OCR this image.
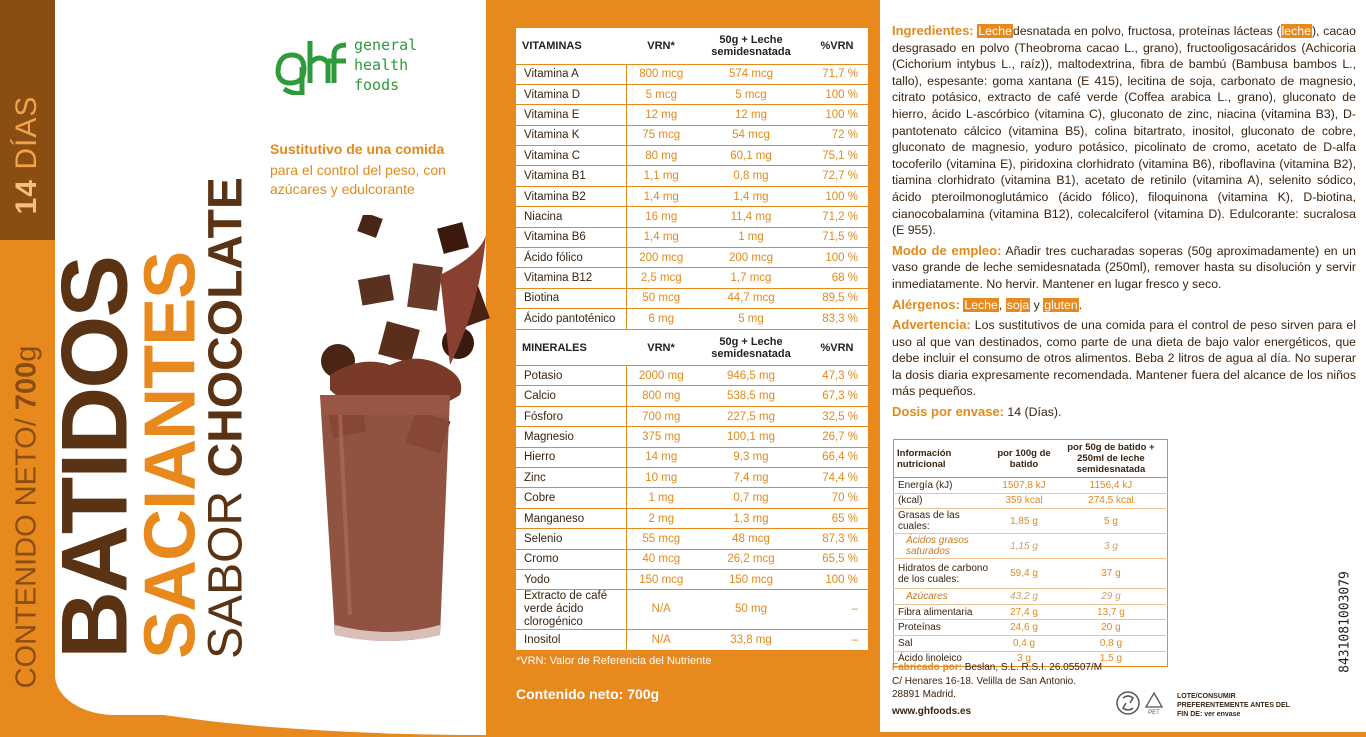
14 DÍAS
CONTENIDO NETO/ 700g
general
health
foods
Sustitutivo de una comida
para el control del peso, con azúcares y edulcorante
BATIDOS
SACIANTES
SABOR CHOCOLATE
VITAMINAS	VRN*	50g + Leche semidesnatada	%VRN
Vitamina A	800 mcg	574 mcg	71,7 %
Vitamina D	5 mcg	5 mcg	100 %
Vitamina E	12 mg	12 mg	100 %
Vitamina K	75 mcg	54 mcg	72 %
Vitamina C	80 mg	60,1 mg	75,1 %
Vitamina B1	1,1 mg	0,8 mg	72,7 %
Vitamina B2	1,4 mg	1,4 mg	100 %
Niacina	16 mg	11,4 mg	71,2 %
Vitamina B6	1,4 mg	1 mg	71,5 %
Ácido fólico	200 mcg	200 mcg	100 %
Vitamina B12	2,5 mcg	1,7 mcg	68 %
Biotina	50 mcg	44,7 mcg	89,5 %
Ácido pantoténico	6 mg	5 mg	83,3 %
MINERALES	VRN*	50g + Leche semidesnatada	%VRN
Potasio	2000 mg	946,5 mg	47,3 %
Calcio	800 mg	538,5 mg	67,3 %
Fósforo	700 mg	227,5 mg	32,5 %
Magnesio	375 mg	100,1 mg	26,7 %
Hierro	14 mg	9,3 mg	66,4 %
Zinc	10 mg	7,4 mg	74,4 %
Cobre	1 mg	0,7 mg	70 %
Manganeso	2 mg	1,3 mg	65 %
Selenio	55 mcg	48 mcg	87,3 %
Cromo	40 mcg	26,2 mcg	65,5 %
Yodo	150 mcg	150 mcg	100 %
Extracto de café verde ácido clorogénico	N/A	50 mg	–
Inositol	N/A	33,8 mg	–
*VRN: Valor de Referencia del Nutriente
Contenido neto: 700g

Ingredientes: Lechedesnatada en polvo, fructosa, proteínas lácteas (leche), cacao desgrasado en polvo (Theobroma cacao L., grano), fructooligosacáridos (Achicoria (Cichorium intybus L., raíz)), maltodextrina, fibra de bambú (Bambusa bambos L., tallo), espesante: goma xantana (E 415), lecitina de soja, carbonato de magnesio, citrato potásico, extracto de café verde (Coffea arabica L., grano), gluconato de hierro, ácido L-ascórbico (vitamina C), gluconato de zinc, niacina (vitamina B3), D-pantotenato cálcico (vitamina B5), colina bitartrato, inositol, gluconato de cobre, gluconato de magnesio, yoduro potásico, picolinato de cromo, acetato de D-alfa tocoferilo (vitamina E), piridoxina clorhidrato (vitamina B6), riboflavina (vitamina B2), tiamina clorhidrato (vitamina B1), acetato de retinilo (vitamina A), selenito sódico, ácido pteroilmonoglutámico (ácido fólico), filoquinona (vitamina K), D-biotina, cianocobalamina (vitamina B12), colecalciferol (vitamina D). Edulcorante: sucralosa (E 955).

Modo de empleo: Añadir tres cucharadas soperas (50g aproximadamente) en un vaso grande de leche semidesnatada (250ml), remover hasta su disolución y servir inmediatamente. No hervir. Mantener en lugar fresco y seco.

Alérgenos: Leche, soja y gluten.

Advertencia: Los sustitutivos de una comida para el control de peso sirven para el uso al que van destinados, como parte de una dieta de bajo valor energéticos, que debe incluir el consumo de otros alimentos. Beba 2 litros de agua al día. No superar la dosis diaria expresamente recomendada. Mantener fuera del alcance de los niños más pequeños.

Dosis por envase: 14 (Días).

Información nutricional	por 100g de batido	por 50g de batido + 250ml de leche semidesnatada
Energía (kJ)	1507,8 kJ	1156,4 kJ
(kcal)	359 kcal	274,5 kcal
Grasas de las cuales:	1,85 g	5 g
Ácidos grasos saturados	1,15 g	3 g
Hidratos de carbono de los cuales:	59,4 g	37 g
Azúcares	43,2 g	29 g
Fibra alimentaria	27,4 g	13,7 g
Proteínas	24,6 g	20 g
Sal	0,4 g	0,8 g
Ácido linoleico	3 g	1,5 g
Fabricado por: Beslan, S.L. R.S.I. 26.05507/M
C/ Henares 16-18. Velilla de San Antonio.
28891 Madrid.
www.ghfoods.es	PET
LOTE/CONSUMIR PREFERENTEMENTE ANTES DEL FIN DE: ver envase
8431081003079
